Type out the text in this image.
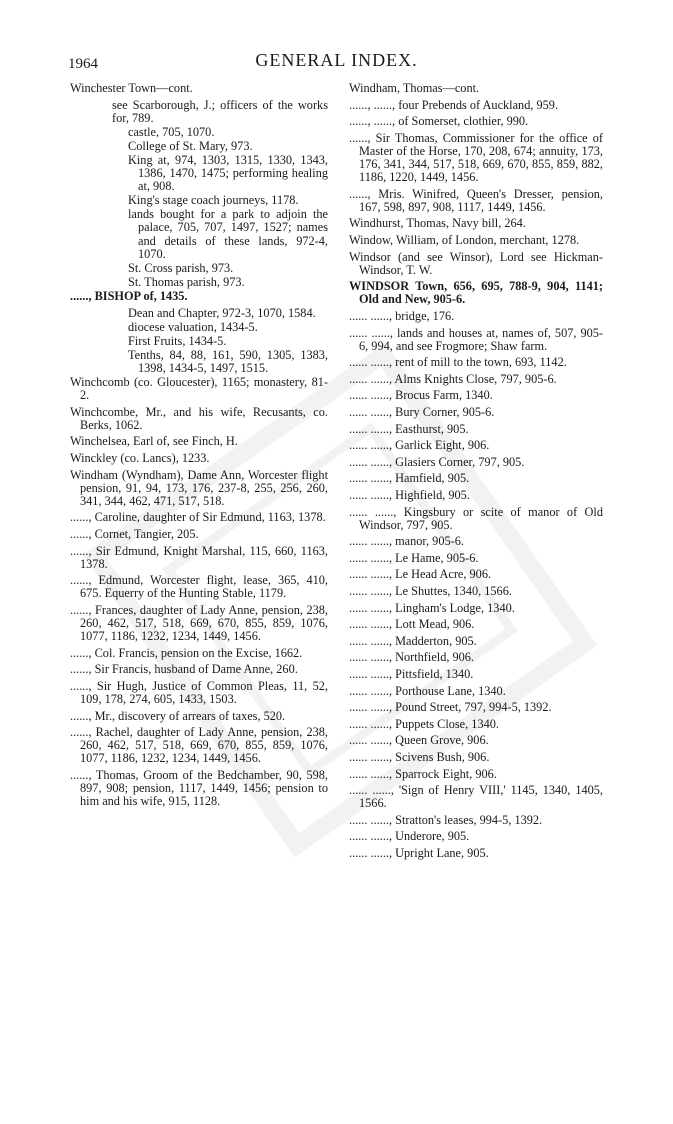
1964	GENERAL INDEX.
Winchester Town—cont.
see Scarborough, J.; officers of the works for, 789.
castle, 705, 1070.
College of St. Mary, 973.
King at, 974, 1303, 1315, 1330, 1343, 1386, 1470, 1475; performing healing at, 908.
King's stage coach journeys, 1178.
lands bought for a park to adjoin the palace, 705, 707, 1497, 1527; names and details of these lands, 972-4, 1070.
St. Cross parish, 973.
St. Thomas parish, 973.
......, BISHOP of, 1435.
Dean and Chapter, 972-3, 1070, 1584.
diocese valuation, 1434-5.
First Fruits, 1434-5.
Tenths, 84, 88, 161, 590, 1305, 1383, 1398, 1434-5, 1497, 1515.
Winchcomb (co. Gloucester), 1165; monastery, 81-2.
Winchcombe, Mr., and his wife, Recusants, co. Berks, 1062.
Winchelsea, Earl of, see Finch, H.
Winckley (co. Lancs), 1233.
Windham (Wyndham), Dame Ann, Worcester flight pension, 91, 94, 173, 176, 237-8, 255, 256, 260, 341, 344, 462, 471, 517, 518.
......, Caroline, daughter of Sir Edmund, 1163, 1378.
......, Cornet, Tangier, 205.
......, Sir Edmund, Knight Marshal, 115, 660, 1163, 1378.
......, Edmund, Worcester flight, lease, 365, 410, 675. Equerry of the Hunting Stable, 1179.
......, Frances, daughter of Lady Anne, pension, 238, 260, 462, 517, 518, 669, 670, 855, 859, 1076, 1077, 1186, 1232, 1234, 1449, 1456.
......, Col. Francis, pension on the Excise, 1662.
......, Sir Francis, husband of Dame Anne, 260.
......, Sir Hugh, Justice of Common Pleas, 11, 52, 109, 178, 274, 605, 1433, 1503.
......, Mr., discovery of arrears of taxes, 520.
......, Rachel, daughter of Lady Anne, pension, 238, 260, 462, 517, 518, 669, 670, 855, 859, 1076, 1077, 1186, 1232, 1234, 1449, 1456.
......, Thomas, Groom of the Bedchamber, 90, 598, 897, 908; pension, 1117, 1449, 1456; pension to him and his wife, 915, 1128.
Windham, Thomas—cont.
......, ......, four Prebends of Auckland, 959.
......, ......, of Somerset, clothier, 990.
......, Sir Thomas, Commissioner for the office of Master of the Horse, 170, 208, 674; annuity, 173, 176, 341, 344, 517, 518, 669, 670, 855, 859, 882, 1186, 1220, 1449, 1456.
......, Mris. Winifred, Queen's Dresser, pension, 167, 598, 897, 908, 1117, 1449, 1456.
Windhurst, Thomas, Navy bill, 264.
Window, William, of London, merchant, 1278.
Windsor (and see Winsor), Lord see Hickman-Windsor, T. W.
WINDSOR Town, 656, 695, 788-9, 904, 1141; Old and New, 905-6.
...... ......, bridge, 176.
...... ......, lands and houses at, names of, 507, 905-6, 994, and see Frogmore; Shaw farm.
...... ......, rent of mill to the town, 693, 1142.
...... ......, Alms Knights Close, 797, 905-6.
...... ......, Brocus Farm, 1340.
...... ......, Bury Corner, 905-6.
...... ......, Easthurst, 905.
...... ......, Garlick Eight, 906.
...... ......, Glasiers Corner, 797, 905.
...... ......, Hamfield, 905.
...... ......, Highfield, 905.
...... ......, Kingsbury or scite of manor of Old Windsor, 797, 905.
...... ......, manor, 905-6.
...... ......, Le Hame, 905-6.
...... ......, Le Head Acre, 906.
...... ......, Le Shuttes, 1340, 1566.
...... ......, Lingham's Lodge, 1340.
...... ......, Lott Mead, 906.
...... ......, Madderton, 905.
...... ......, Northfield, 906.
...... ......, Pittsfield, 1340.
...... ......, Porthouse Lane, 1340.
...... ......, Pound Street, 797, 994-5, 1392.
...... ......, Puppets Close, 1340.
...... ......, Queen Grove, 906.
...... ......, Scivens Bush, 906.
...... ......, Sparrock Eight, 906.
...... ......, 'Sign of Henry VIII,' 1145, 1340, 1405, 1566.
...... ......, Stratton's leases, 994-5, 1392.
...... ......, Underore, 905.
...... ......, Upright Lane, 905.
